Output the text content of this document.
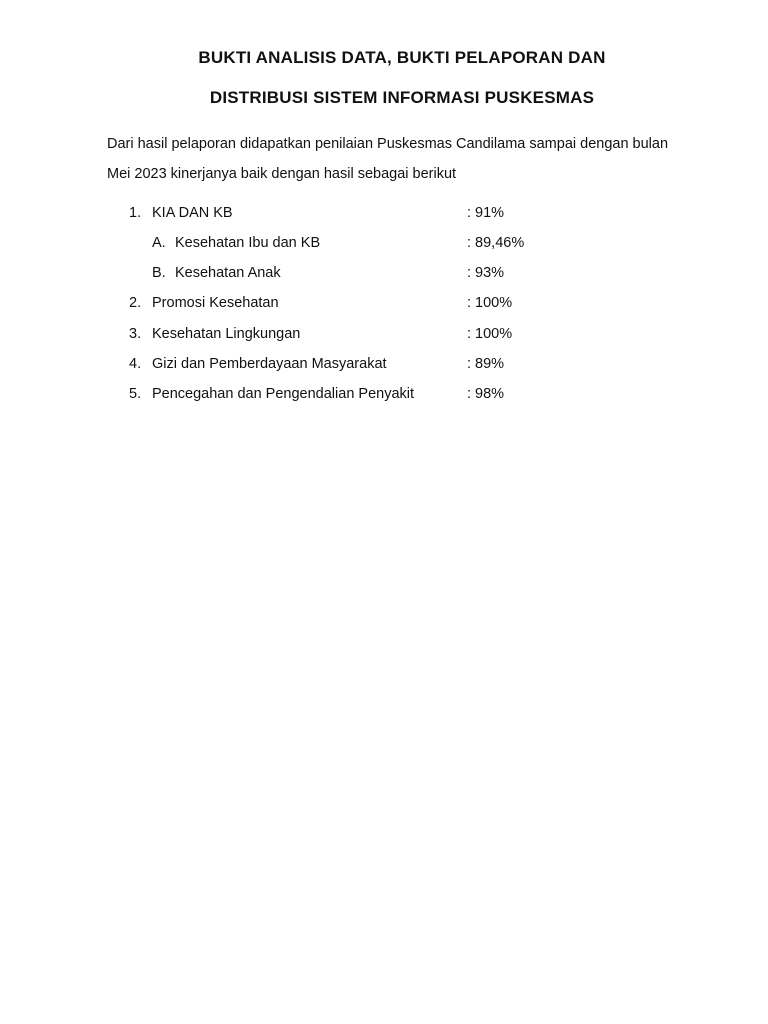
BUKTI ANALISIS DATA, BUKTI PELAPORAN DAN
DISTRIBUSI SISTEM INFORMASI PUSKESMAS
Dari hasil pelaporan didapatkan penilaian Puskesmas Candilama sampai dengan bulan
Mei 2023 kinerjanya baik dengan hasil sebagai berikut
1. KIA DAN KB	: 91%
A. Kesehatan Ibu dan KB	: 89,46%
B. Kesehatan Anak	: 93%
2. Promosi Kesehatan	: 100%
3. Kesehatan Lingkungan	: 100%
4. Gizi dan Pemberdayaan Masyarakat	: 89%
5. Pencegahan dan Pengendalian Penyakit	: 98%
